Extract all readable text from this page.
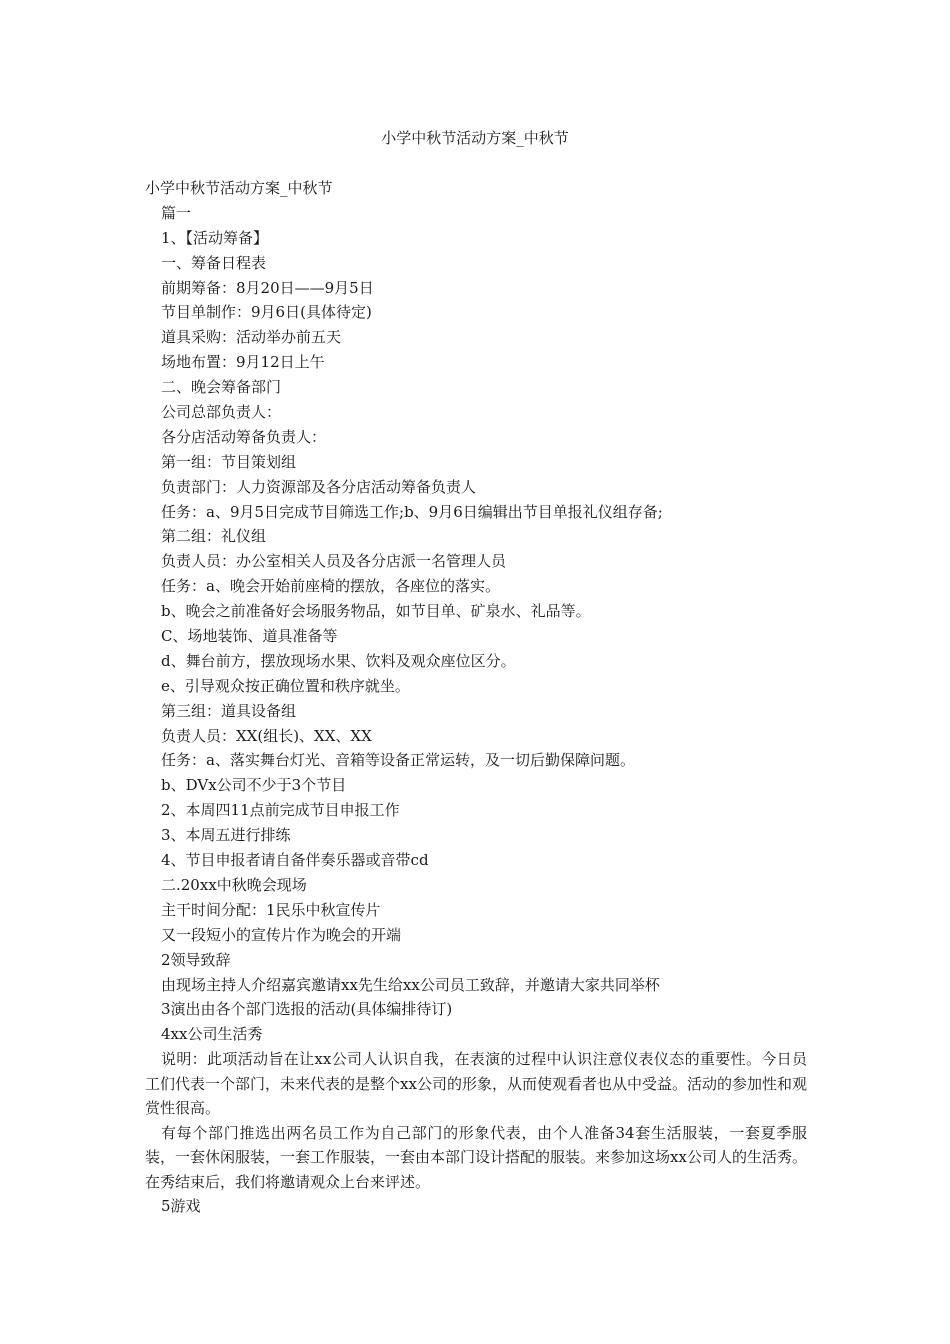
小学中秋节活动方案_中秋节
小学中秋节活动方案_中秋节
篇一
1、【活动筹备】
一、筹备日程表
前期筹备：8月20日——9月5日
节目单制作：9月6日(具体待定)
道具采购：活动举办前五天
场地布置：9月12日上午
二、晚会筹备部门
公司总部负责人：
各分店活动筹备负责人：
第一组：节目策划组
负责部门：人力资源部及各分店活动筹备负责人
任务：a、9月5日完成节目筛选工作;b、9月6日编辑出节目单报礼仪组存备;
第二组：礼仪组
负责人员：办公室相关人员及各分店派一名管理人员
任务：a、晚会开始前座椅的摆放，各座位的落实。
b、晚会之前准备好会场服务物品，如节目单、矿泉水、礼品等。
C、场地装饰、道具准备等
d、舞台前方，摆放现场水果、饮料及观众座位区分。
e、引导观众按正确位置和秩序就坐。
第三组：道具设备组
负责人员：XX(组长)、XX、XX
任务：a、落实舞台灯光、音箱等设备正常运转，及一切后勤保障问题。
b、DVx公司不少于3个节目
2、本周四11点前完成节目申报工作
3、本周五进行排练
4、节目申报者请自备伴奏乐器或音带cd
二.20xx中秋晚会现场
主干时间分配：1民乐中秋宣传片
又一段短小的宣传片作为晚会的开端
2领导致辞
由现场主持人介绍嘉宾邀请xx先生给xx公司员工致辞，并邀请大家共同举杯
3演出由各个部门选报的活动(具体编排待订)
4xx公司生活秀
说明：此项活动旨在让xx公司人认识自我，在表演的过程中认识注意仪表仪态的重要性。今日员工们代表一个部门，未来代表的是整个xx公司的形象，从而使观看者也从中受益。活动的参加性和观赏性很高。
有每个部门推选出两名员工作为自己部门的形象代表，由个人准备34套生活服装，一套夏季服装，一套休闲服装，一套工作服装，一套由本部门设计搭配的服装。来参加这场xx公司人的生活秀。在秀结束后，我们将邀请观众上台来评述。
5游戏
